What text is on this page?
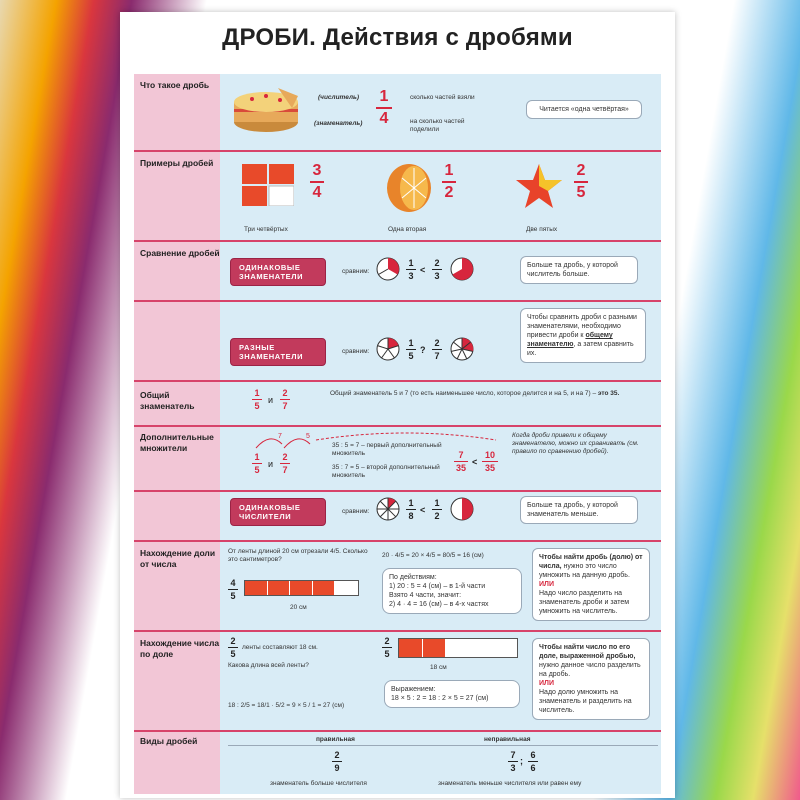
ДРОБИ. Действия с дробями
Что такое дробь
Примеры дробей
Сравнение дробей
Общий знаменатель
Дополнительные множители
Нахождение доли от числа
Нахождение числа по доле
Виды дробей
(числитель)
(знаменатель)
1
4
сколько частей взяли
на сколько частей поделили
Читается «одна четвёртая»
3
4
Три четвёртых
1
2
Одна вторая
2
5
Две пятых
ОДИНАКОВЫЕ ЗНАМЕНАТЕЛИ
сравним:
1
3
<
2
3
Больше та дробь, у которой числитель больше.
РАЗНЫЕ ЗНАМЕНАТЕЛИ
сравним:
1
5
?
2
7
Чтобы сравнить дроби с разными знаменателями, необходимо привести дроби к общему знаменателю, а затем сравнить их.
1
5
и
2
7
Общий знаменатель 5 и 7 (то есть наименьшее число, которое делится и на 5, и на 7) – это 35.
7	5
1
5
и
2
7
35 : 5 = 7 – первый дополнительный множитель
35 : 7 = 5 – второй дополнительный множитель
7
35
<
10
35
Когда дроби привели к общему знаменателю, можно их сравнивать (см. правило по сравнению дробей).
ОДИНАКОВЫЕ ЧИСЛИТЕЛИ
сравним:
1
8
<
1
2
Больше та дробь, у которой знаменатель меньше.
От ленты длиной 20 см отрезали 4/5. Сколько это сантиметров?
20 · 4/5 = 20 × 4/5 = 80/5 = 16 (см)
4
5
20 см
По действиям:
1) 20 : 5 = 4 (см) – в 1-й части
Взято 4 части, значит:
2) 4 · 4 = 16 (см) – в 4-х частях
Чтобы найти дробь (долю) от числа, нужно это число умножить на данную дробь.
ИЛИ
Надо число разделить на знаменатель дроби и затем умножить на числитель.
2
5
ленты составляют 18 см.
Какова длина всей ленты?
18 : 2/5 = 18/1 · 5/2 = 9 × 5 / 1 = 27 (см)
2
5
18 см
Выражением:
18 × 5 : 2 = 18 : 2 × 5 = 27 (см)
Чтобы найти число по его доле, выраженной дробью, нужно данное число разделить на дробь.
ИЛИ
Надо долю умножить на знаменатель и разделить на числитель.
правильная	неправильная
2
9
7
3
;
6
6
знаменатель больше числителя	знаменатель меньше числителя или равен ему
